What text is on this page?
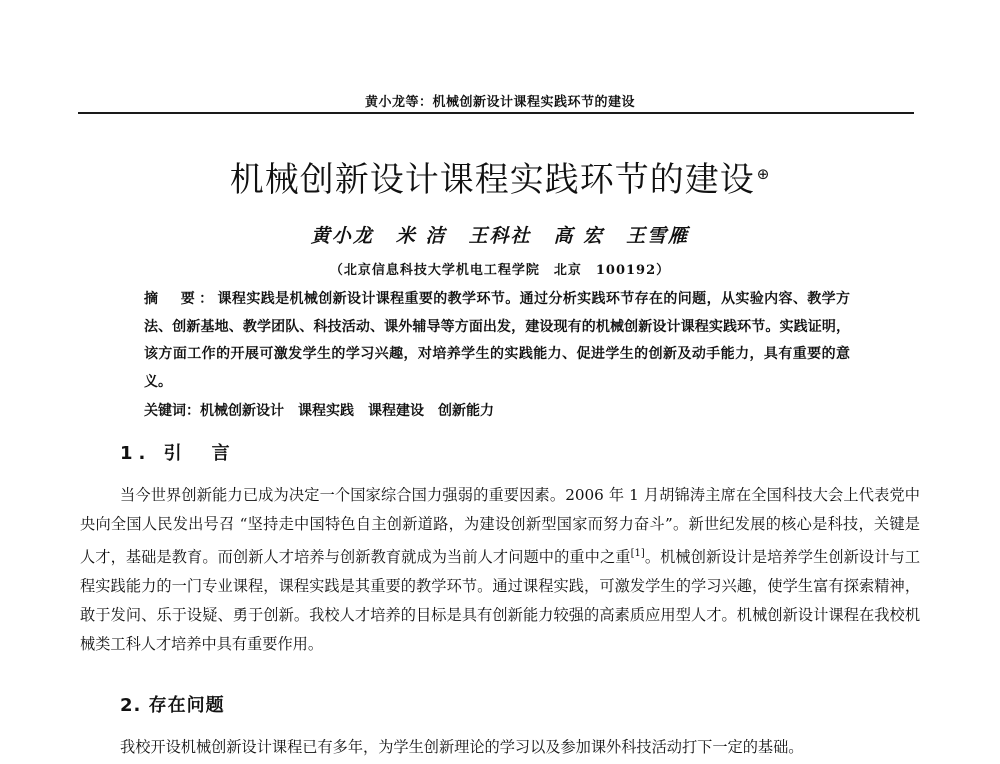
黄小龙等：机械创新设计课程实践环节的建设
机械创新设计课程实践环节的建设 ⊕
黄小龙 米 洁 王科社 高 宏 王雪雁
（北京信息科技大学机电工程学院　北京　100192）
摘　要：课程实践是机械创新设计课程重要的教学环节。通过分析实践环节存在的问题，从实验内容、教学方法、创新基地、教学团队、科技活动、课外辅导等方面出发，建设现有的机械创新设计课程实践环节。实践证明，该方面工作的开展可激发学生的学习兴趣，对培养学生的实践能力、促进学生的创新及动手能力，具有重要的意义。
关键词：机械创新设计 课程实践 课程建设 创新能力
1. 引　言

当今世界创新能力已成为决定一个国家综合国力强弱的重要因素。2006 年 1 月胡锦涛主席在全国科技大会上代表党中央向全国人民发出号召 “坚持走中国特色自主创新道路，为建设创新型国家而努力奋斗”。新世纪发展的核心是科技，关键是人才，基础是教育。而创新人才培养与创新教育就成为当前人才问题中的重中之重[1]。机械创新设计是培养学生创新设计与工程实践能力的一门专业课程，课程实践是其重要的教学环节。通过课程实践，可激发学生的学习兴趣，使学生富有探索精神，敢于发问、乐于设疑、勇于创新。我校人才培养的目标是具有创新能力较强的高素质应用型人才。机械创新设计课程在我校机械类工科人才培养中具有重要作用。

2. 存在问题

我校开设机械创新设计课程已有多年，为学生创新理论的学习以及参加课外科技活动打下一定的基础。
